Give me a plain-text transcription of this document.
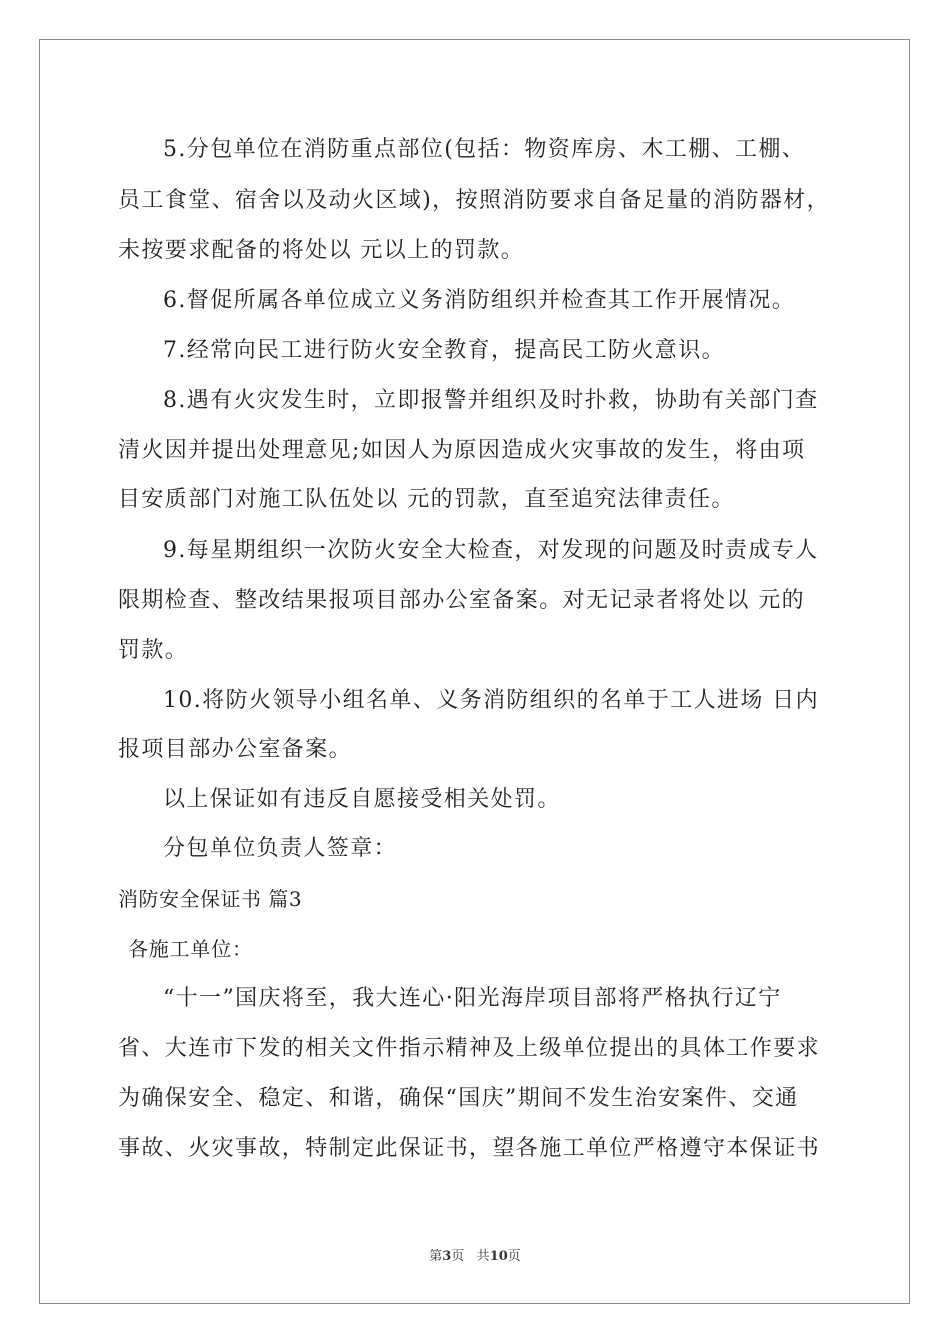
5.分包单位在消防重点部位(包括：物资库房、木工棚、工棚、
员工食堂、宿舍以及动火区域)，按照消防要求自备足量的消防器材，
未按要求配备的将处以 元以上的罚款。
6.督促所属各单位成立义务消防组织并检查其工作开展情况。
7.经常向民工进行防火安全教育，提高民工防火意识。
8.遇有火灾发生时，立即报警并组织及时扑救，协助有关部门查
清火因并提出处理意见;如因人为原因造成火灾事故的发生，将由项
目安质部门对施工队伍处以 元的罚款，直至追究法律责任。
9.每星期组织一次防火安全大检查，对发现的问题及时责成专人
限期检查、整改结果报项目部办公室备案。对无记录者将处以 元的
罚款。
10.将防火领导小组名单、义务消防组织的名单于工人进场 日内
报项目部办公室备案。
以上保证如有违反自愿接受相关处罚。
分包单位负责人签章：
消防安全保证书 篇3
各施工单位：
“十一”国庆将至，我大连心·阳光海岸项目部将严格执行辽宁
省、大连市下发的相关文件指示精神及上级单位提出的具体工作要求
为确保安全、稳定、和谐，确保“国庆”期间不发生治安案件、交通
事故、火灾事故，特制定此保证书，望各施工单位严格遵守本保证书
第3页 共10页
